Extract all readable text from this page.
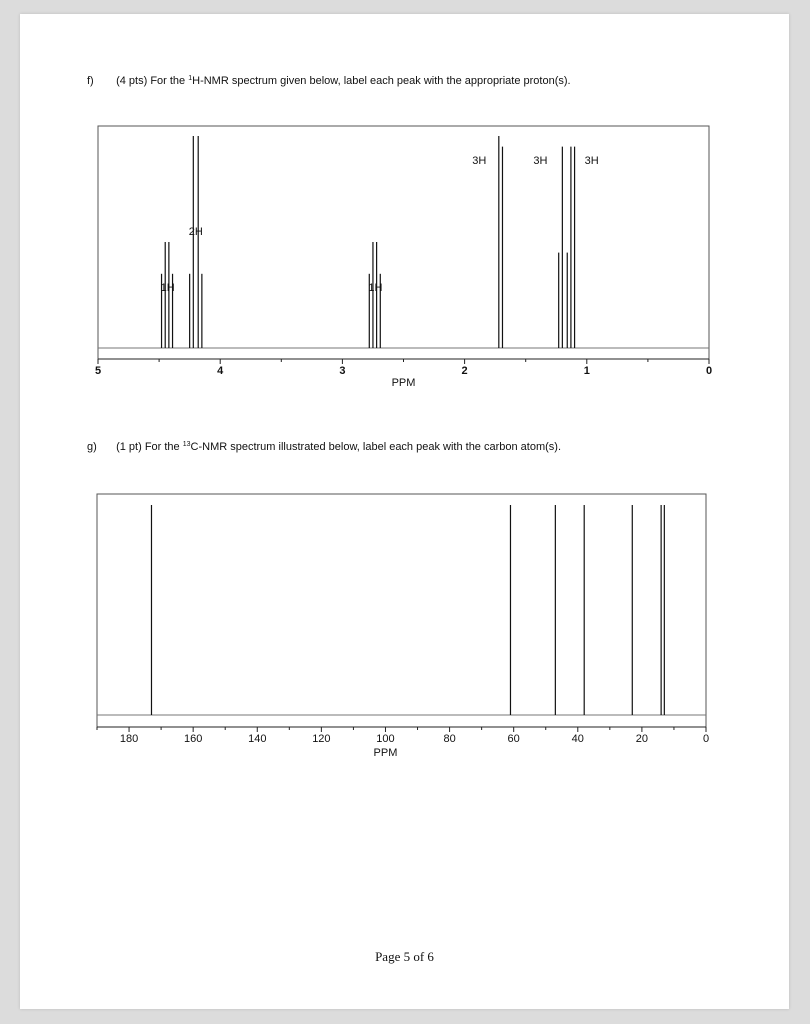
f) (4 pts) For the $^1$H-NMR spectrum given below, label each peak with the appropriate proton(s).
g) (1 pt) For the $^{13}$C-NMR spectrum illustrated below, label each peak with the carbon atom(s).
5	4	3	2	1	0
PPM
1H
2H
1H
3H	3H	3H
180	160	140	120	100	80	60	40	20	0
PPM
Page 5 of 6
